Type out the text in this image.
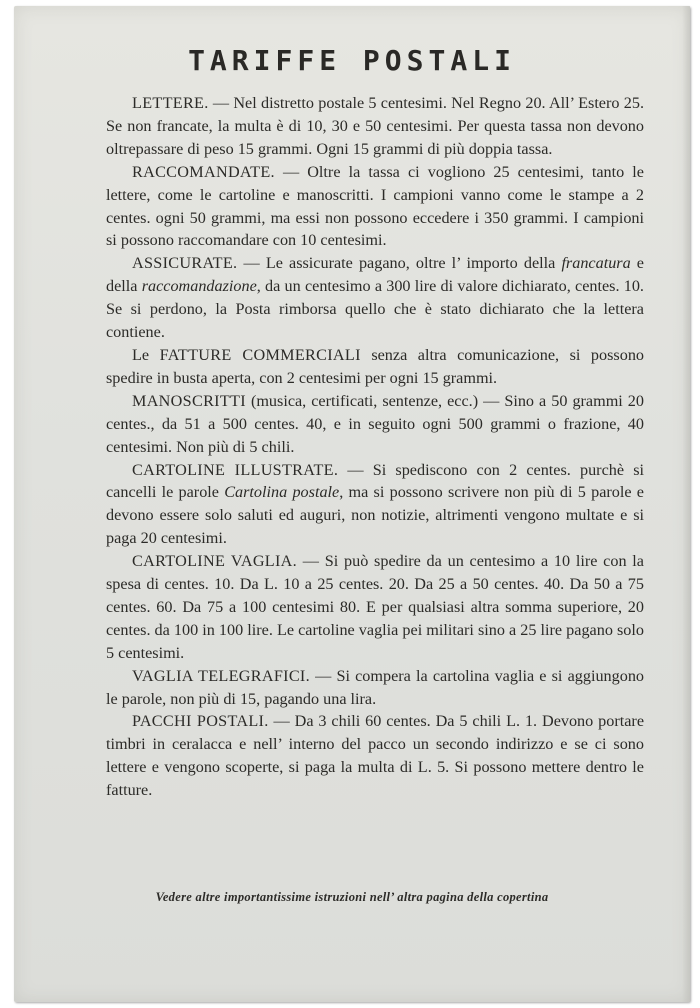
TARIFFE POSTALI

LETTERE. — Nel distretto postale 5 centesimi. Nel Regno 20. All’ Estero 25. Se non francate, la multa è di 10, 30 e 50 centesimi. Per questa tassa non devono oltrepassare di peso 15 grammi. Ogni 15 grammi di più doppia tassa.

RACCOMANDATE. — Oltre la tassa ci vogliono 25 centesimi, tanto le lettere, come le cartoline e manoscritti. I campioni vanno come le stampe a 2 centes. ogni 50 grammi, ma essi non possono eccedere i 350 grammi. I campioni si possono raccomandare con 10 centesimi.

ASSICURATE. — Le assicurate pagano, oltre l’ importo della francatura e della raccomandazione, da un centesimo a 300 lire di valore dichiarato, centes. 10. Se si perdono, la Posta rimborsa quello che è stato dichiarato che la lettera contiene.

Le FATTURE COMMERCIALI senza altra comunicazione, si possono spedire in busta aperta, con 2 centesimi per ogni 15 grammi.

MANOSCRITTI (musica, certificati, sentenze, ecc.) — Sino a 50 grammi 20 centes., da 51 a 500 centes. 40, e in seguito ogni 500 grammi o frazione, 40 centesimi. Non più di 5 chili.

CARTOLINE ILLUSTRATE. — Si spediscono con 2 centes. purchè si cancelli le parole Cartolina postale, ma si possono scrivere non più di 5 parole e devono essere solo saluti ed auguri, non notizie, altrimenti vengono multate e si paga 20 centesimi.

CARTOLINE VAGLIA. — Si può spedire da un centesimo a 10 lire con la spesa di centes. 10. Da L. 10 a 25 centes. 20. Da 25 a 50 centes. 40. Da 50 a 75 centes. 60. Da 75 a 100 centesimi 80. E per qualsiasi altra somma superiore, 20 centes. da 100 in 100 lire. Le cartoline vaglia pei militari sino a 25 lire pagano solo 5 centesimi.

VAGLIA TELEGRAFICI. — Si compera la cartolina vaglia e si aggiungono le parole, non più di 15, pagando una lira.

PACCHI POSTALI. — Da 3 chili 60 centes. Da 5 chili L. 1. Devono portare timbri in ceralacca e nell’ interno del pacco un secondo indirizzo e se ci sono lettere e vengono scoperte, si paga la multa di L. 5. Si possono mettere dentro le fatture.

Vedere altre importantissime istruzioni nell’ altra pagina della copertina
